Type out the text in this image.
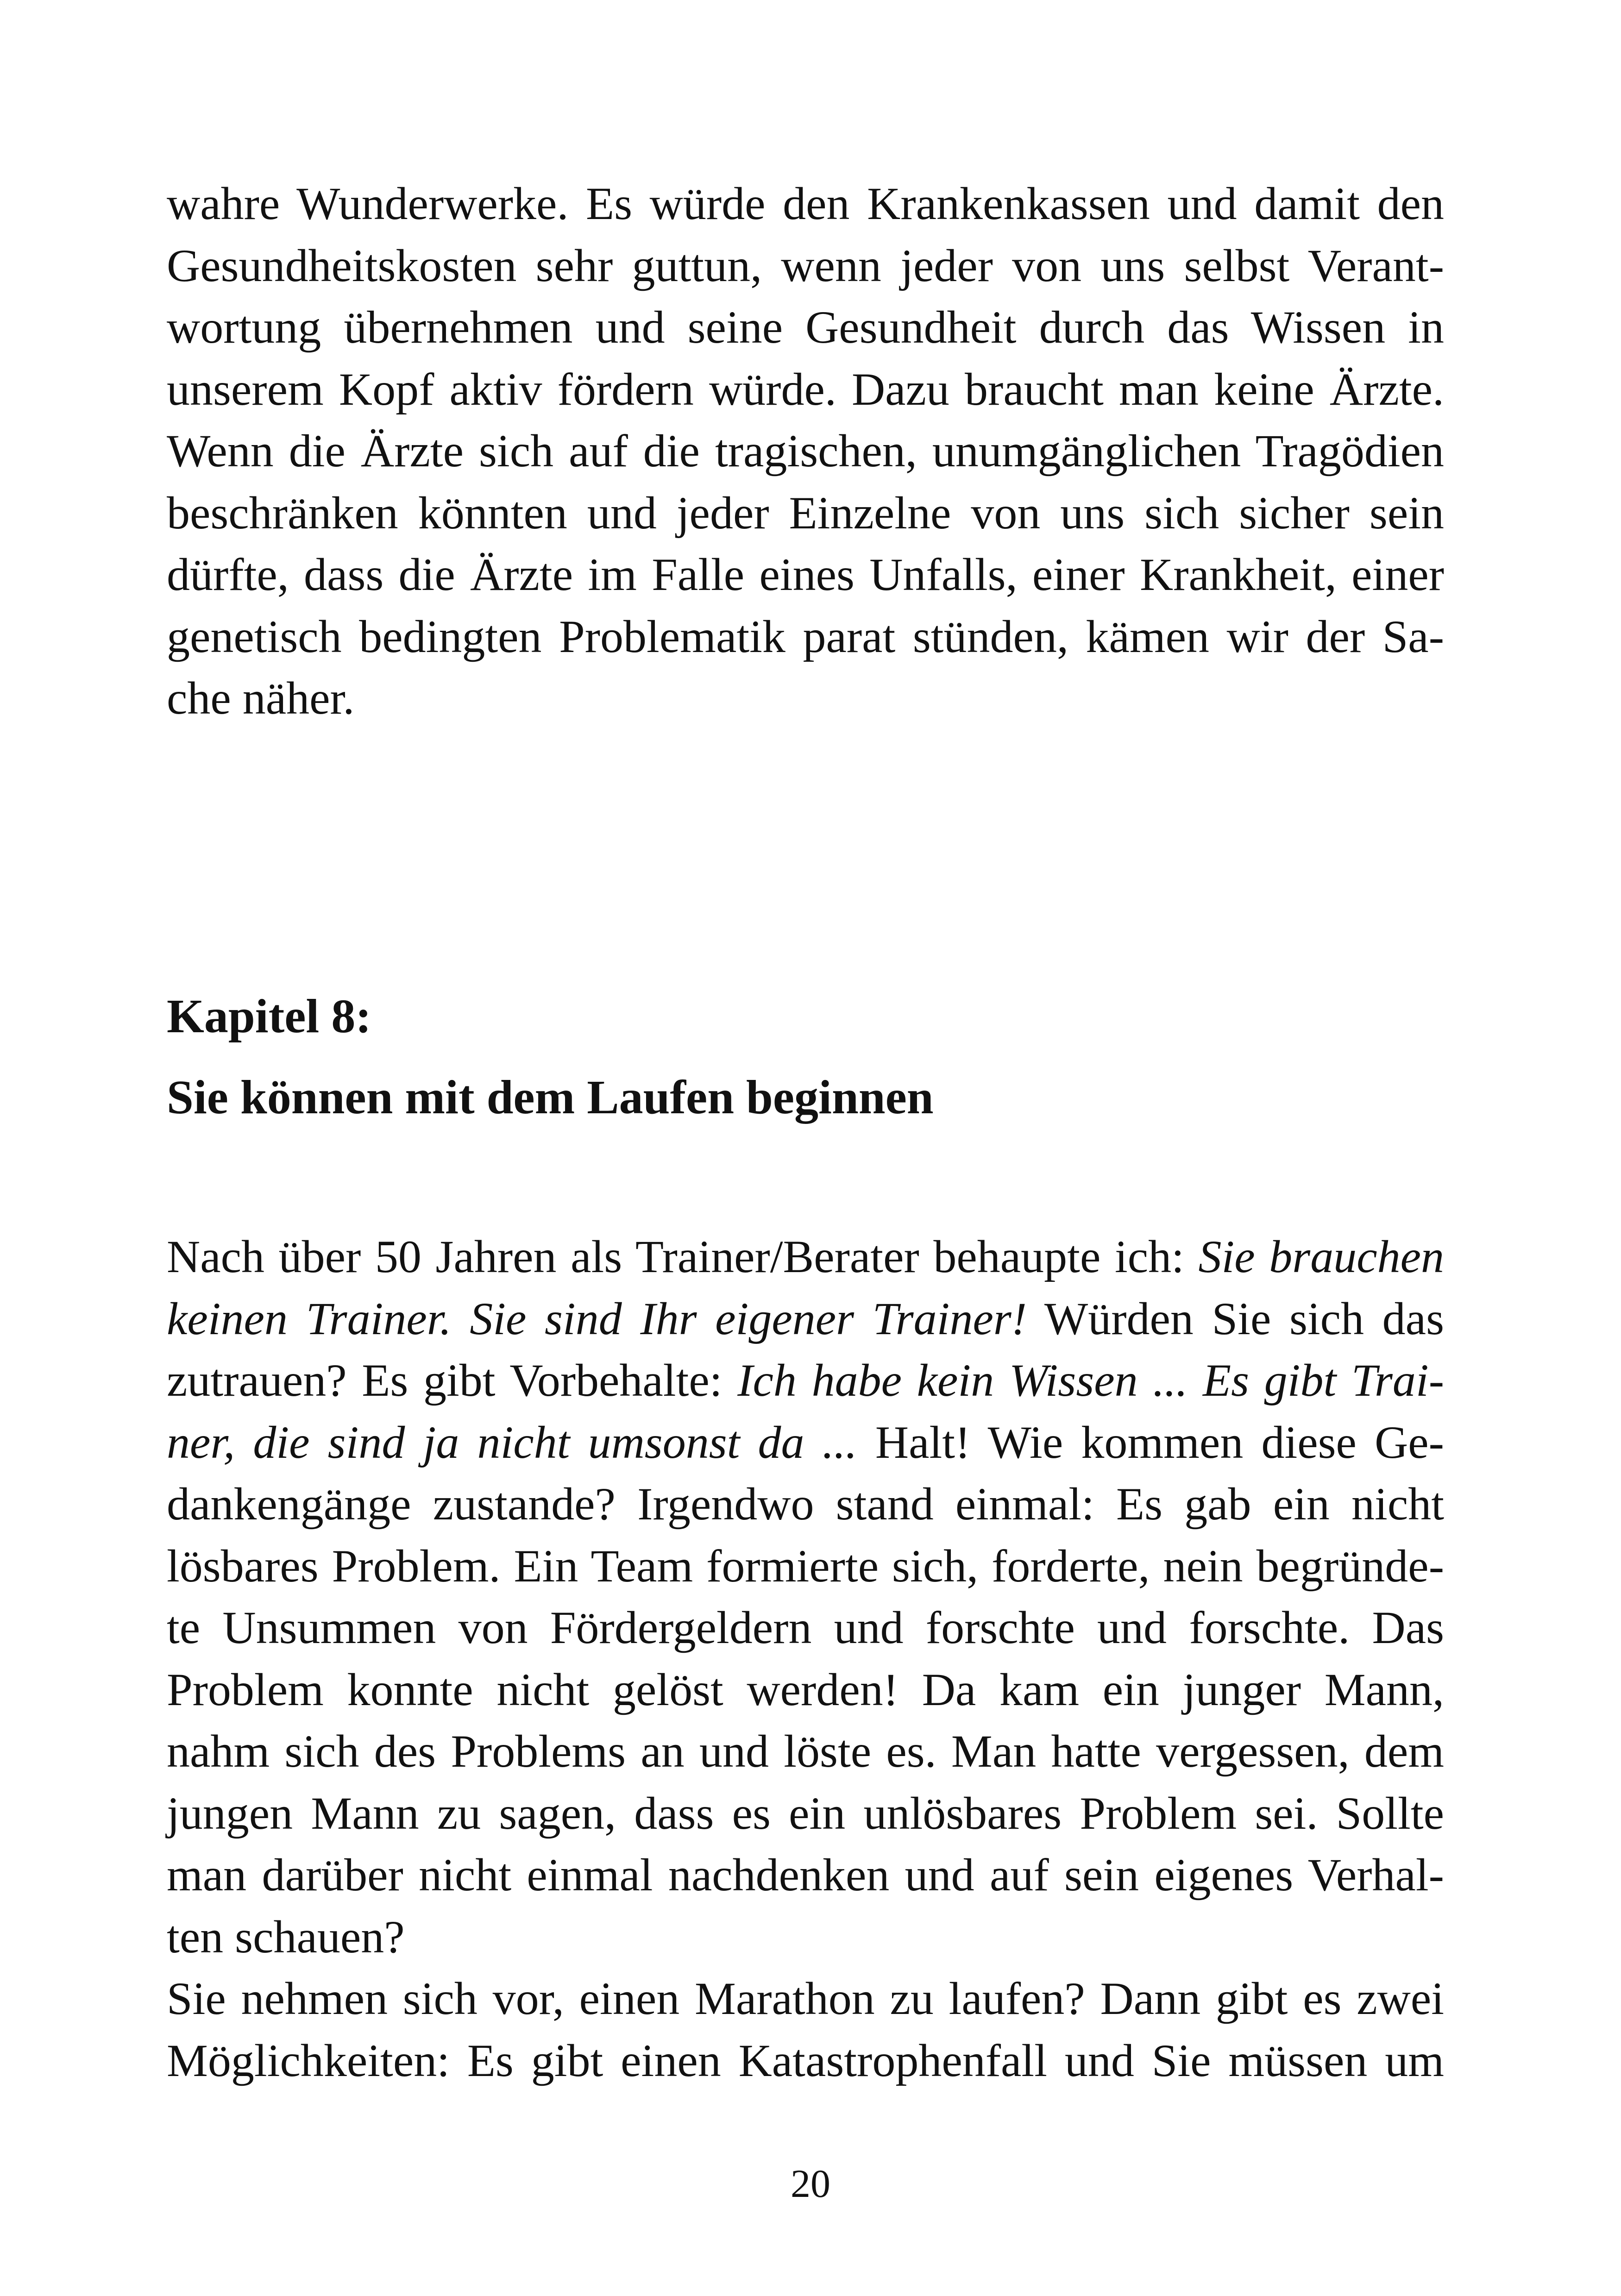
wahre Wunderwerke. Es würde den Krankenkassen und damit den
Gesundheitskosten sehr guttun, wenn jeder von uns selbst Verant-
wortung übernehmen und seine Gesundheit durch das Wissen in
unserem Kopf aktiv fördern würde. Dazu braucht man keine Ärzte.
Wenn die Ärzte sich auf die tragischen, unumgänglichen Tragödien
beschränken könnten und jeder Einzelne von uns sich sicher sein
dürfte, dass die Ärzte im Falle eines Unfalls, einer Krankheit, einer
genetisch bedingten Problematik parat stünden, kämen wir der Sa-
che näher.
Kapitel 8:
Sie können mit dem Laufen beginnen
Nach über 50 Jahren als Trainer/Berater behaupte ich: Sie brauchen
keinen Trainer. Sie sind Ihr eigener Trainer! Würden Sie sich das
zutrauen? Es gibt Vorbehalte: Ich habe kein Wissen ... Es gibt Trai-
ner, die sind ja nicht umsonst da ... Halt! Wie kommen diese Ge-
dankengänge zustande? Irgendwo stand einmal: Es gab ein nicht
lösbares Problem. Ein Team formierte sich, forderte, nein begründe-
te Unsummen von Fördergeldern und forschte und forschte. Das
Problem konnte nicht gelöst werden! Da kam ein junger Mann,
nahm sich des Problems an und löste es. Man hatte vergessen, dem
jungen Mann zu sagen, dass es ein unlösbares Problem sei. Sollte
man darüber nicht einmal nachdenken und auf sein eigenes Verhal-
ten schauen?
Sie nehmen sich vor, einen Marathon zu laufen? Dann gibt es zwei
Möglichkeiten: Es gibt einen Katastrophenfall und Sie müssen um
20
